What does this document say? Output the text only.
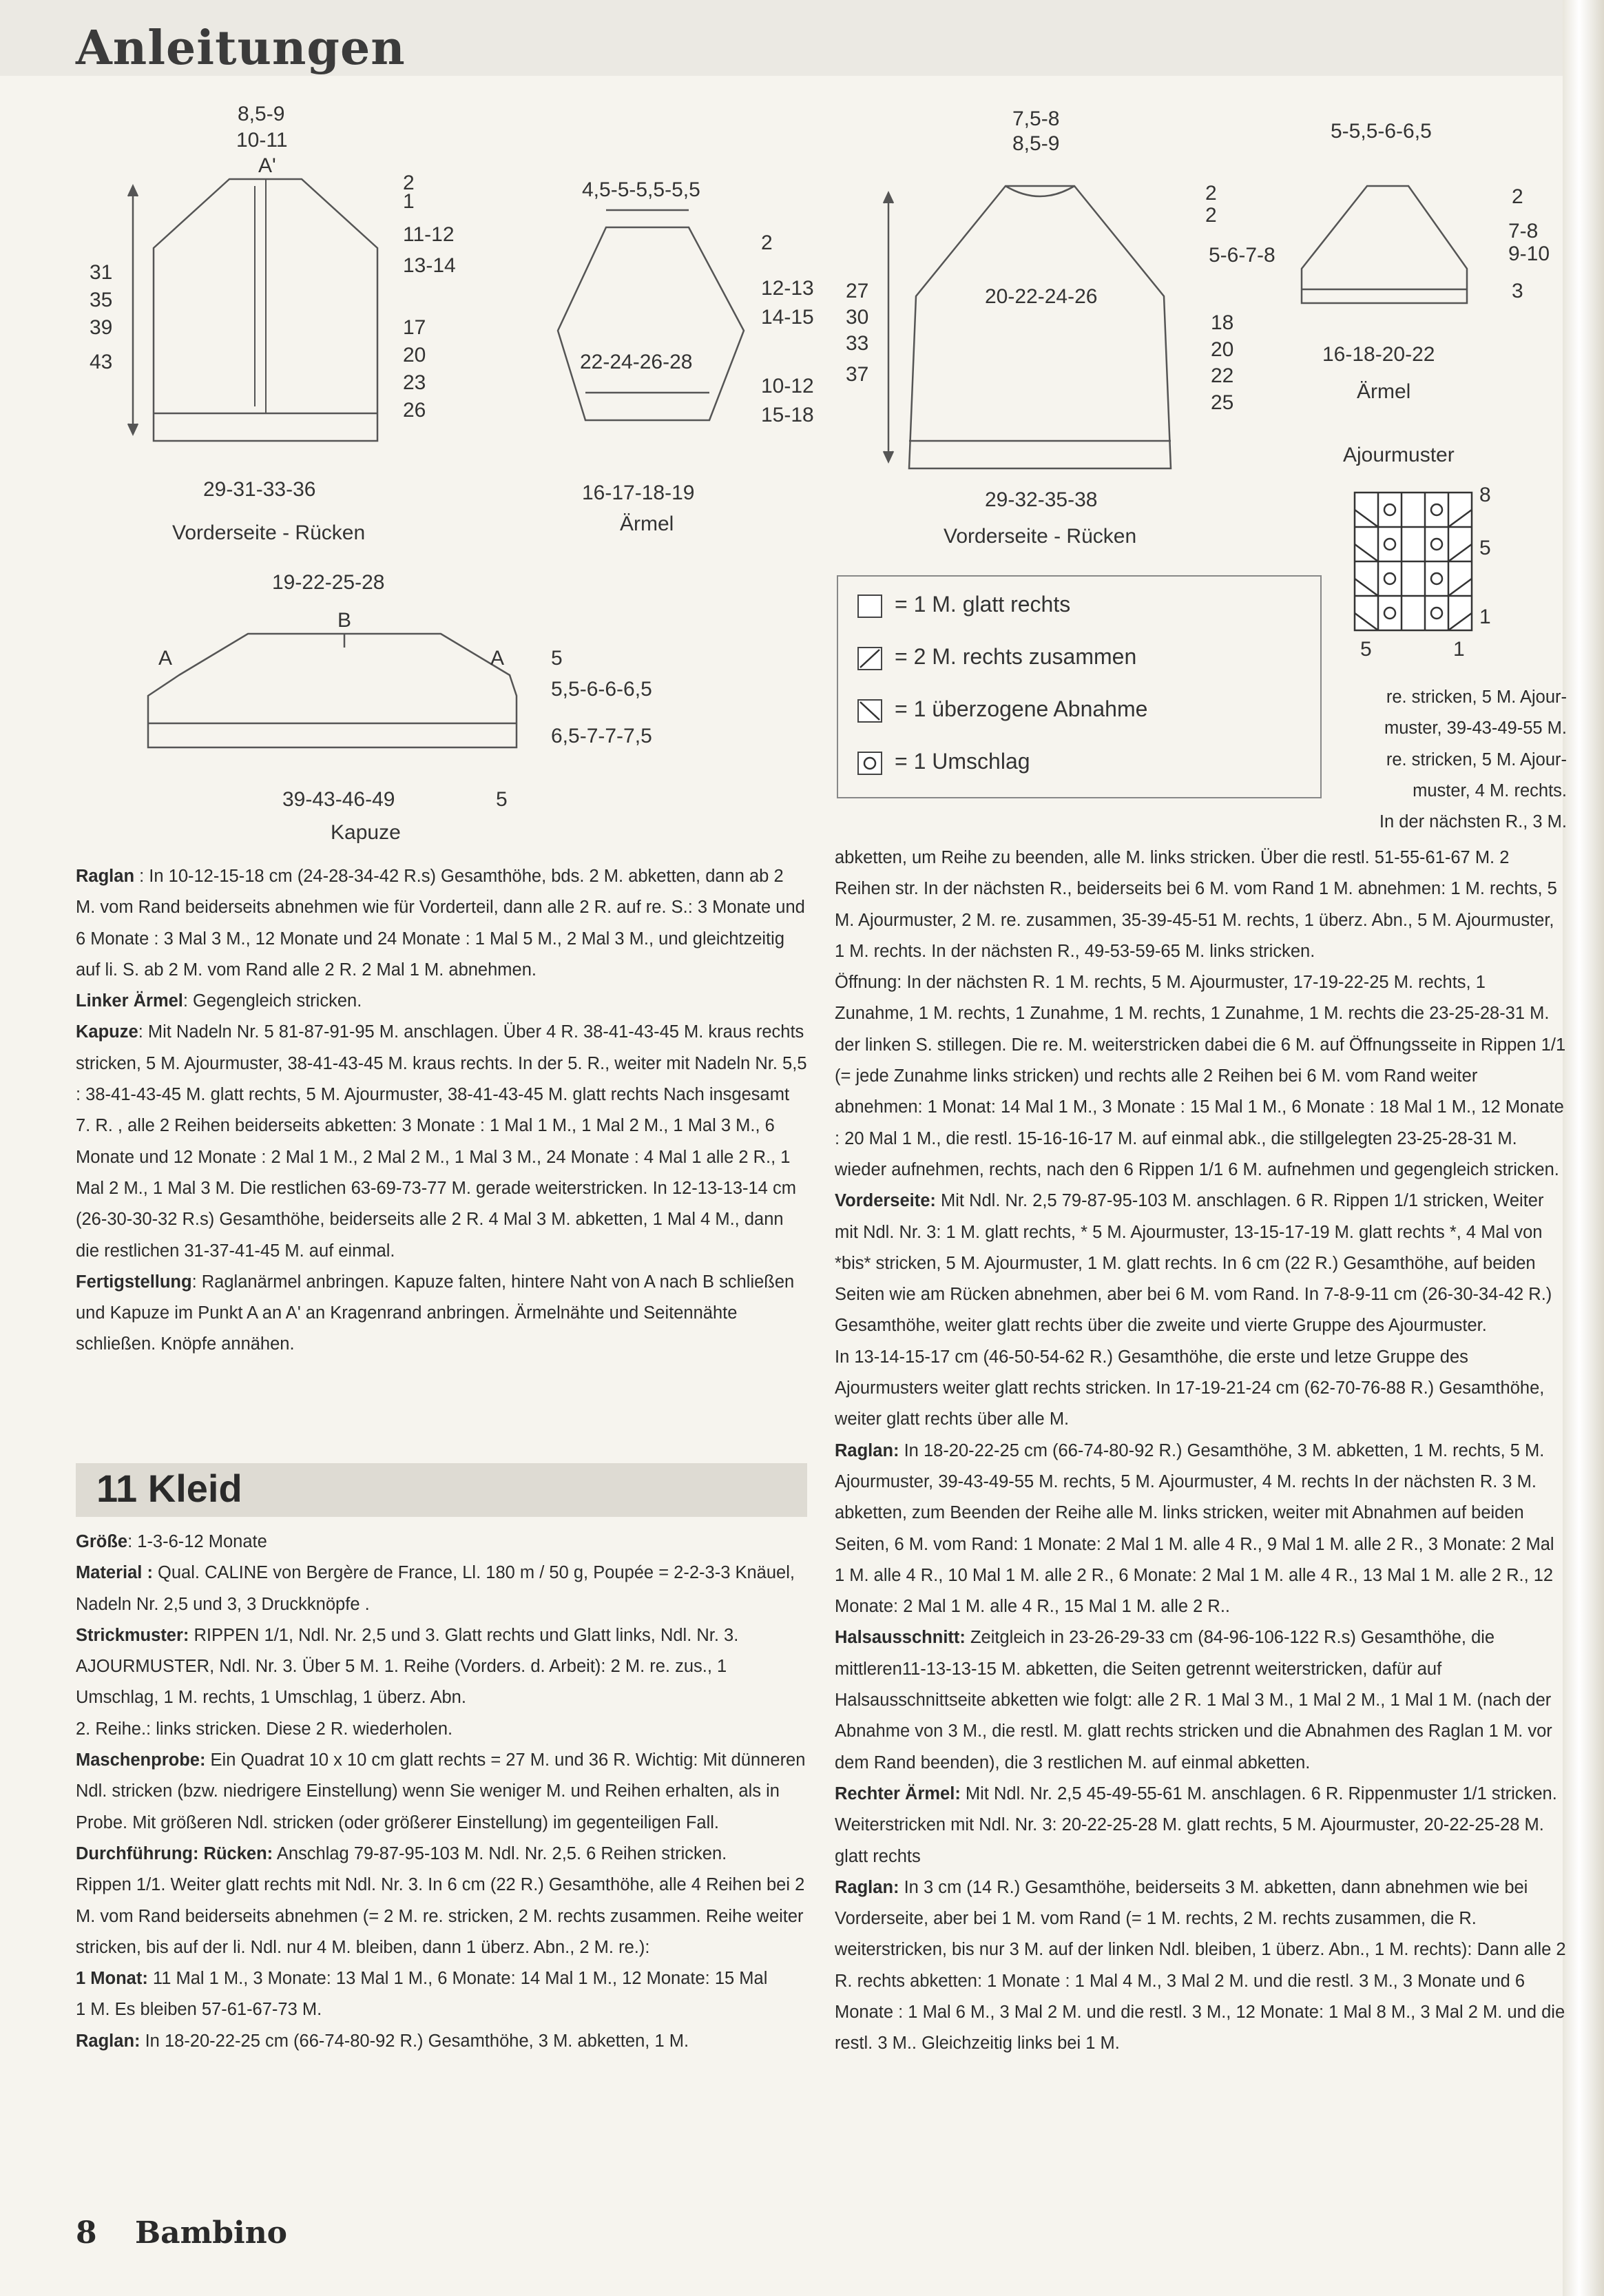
Anleitungen
8,5-9
10-11
A'
2
1
11-12
13-14
17
20
23
26
31
35
39
43
29-31-33-36
Vorderseite - Rücken
4,5-5-5,5-5,5
2
12-13
14-15
22-24-26-28
10-12
15-18
16-17-18-19
Ärmel
19-22-25-28
B
A	A 5
5,5-6-6-6,5
6,5-7-7-7,5
39-43-46-49	5
Kapuze
7,5-8
8,5-9
2
2
5-6-7-8
20-22-24-26
18
20
22
25
27
30
33
37
29-32-35-38
Vorderseite - Rücken
5-5,5-6-6,5
2
7-8
9-10
3
16-18-20-22
Ärmel
Ajourmuster
8
5
1
5	1
= 1 M. glatt rechts
= 2 M. rechts zusammen
= 1 überzogene Abnahme
= 1 Umschlag

re. stricken, 5 M. Ajour-

muster, 39-43-49-55 M.

re. stricken, 5 M. Ajour-

muster, 4 M. rechts.

In der nächsten R., 3 M.

Raglan : In 10-12-15-18 cm (24-28-34-42 R.s) Gesamthöhe, bds. 2 M. abketten, dann ab 2 M. vom Rand beiderseits abnehmen wie für Vorderteil, dann alle 2 R. auf re. S.: 3 Monate und 6 Monate : 3 Mal 3 M., 12 Monate und 24 Monate : 1 Mal 5 M., 2 Mal 3 M., und gleichtzeitig auf li. S. ab 2 M. vom Rand alle 2 R. 2 Mal 1 M. abnehmen.

Linker Ärmel: Gegengleich stricken.

Kapuze: Mit Nadeln Nr. 5 81-87-91-95 M. anschlagen. Über 4 R. 38-41-43-45 M. kraus rechts stricken, 5 M. Ajourmuster, 38-41-43-45 M. kraus rechts. In der 5. R., weiter mit Nadeln Nr. 5,5 : 38-41-43-45 M. glatt rechts, 5 M. Ajourmuster, 38-41-43-45 M. glatt rechts Nach insgesamt 7. R. , alle 2 Reihen beiderseits abketten: 3 Monate : 1 Mal 1 M., 1 Mal 2 M., 1 Mal 3 M., 6 Monate und 12 Monate : 2 Mal 1 M., 2 Mal 2 M., 1 Mal 3 M., 24 Monate : 4 Mal 1 alle 2 R., 1 Mal 2 M., 1 Mal 3 M. Die restlichen 63-69-73-77 M. gerade weiterstricken. In 12-13-13-14 cm (26-30-30-32 R.s) Gesamthöhe, beiderseits alle 2 R. 4 Mal 3 M. abketten, 1 Mal 4 M., dann die restlichen 31-37-41-45 M. auf einmal.

Fertigstellung: Raglanärmel anbringen. Kapuze falten, hintere Naht von A nach B schließen und Kapuze im Punkt A an A' an Kragenrand anbringen. Ärmelnähte und Seitennähte schließen. Knöpfe annähen.

11 Kleid

Größe: 1-3-6-12 Monate

Material : Qual. CALINE von Bergère de France, Ll. 180 m / 50 g, Poupée = 2-2-3-3 Knäuel, Nadeln Nr. 2,5 und 3, 3 Druckknöpfe .

Strickmuster: RIPPEN 1/1, Ndl. Nr. 2,5 und 3. Glatt rechts und Glatt links, Ndl. Nr. 3. AJOURMUSTER, Ndl. Nr. 3. Über 5 M. 1. Reihe (Vorders. d. Arbeit): 2 M. re. zus., 1 Umschlag, 1 M. rechts, 1 Umschlag, 1 überz. Abn.

2. Reihe.: links stricken. Diese 2 R. wiederholen.

Maschenprobe: Ein Quadrat 10 x 10 cm glatt rechts = 27 M. und 36 R. Wichtig: Mit dünneren Ndl. stricken (bzw. niedrigere Einstellung) wenn Sie weniger M. und Reihen erhalten, als in Probe. Mit größeren Ndl. stricken (oder größerer Einstellung) im gegenteiligen Fall.

Durchführung: Rücken: Anschlag 79-87-95-103 M. Ndl. Nr. 2,5. 6 Reihen stricken.

Rippen 1/1. Weiter glatt rechts mit Ndl. Nr. 3. In 6 cm (22 R.) Gesamthöhe, alle 4 Reihen bei 2 M. vom Rand beiderseits abnehmen (= 2 M. re. stricken, 2 M. rechts zusammen. Reihe weiter stricken, bis auf der li. Ndl. nur 4 M. bleiben, dann 1 überz. Abn., 2 M. re.):

1 Monat: 11 Mal 1 M., 3 Monate: 13 Mal 1 M., 6 Monate: 14 Mal 1 M., 12 Monate: 15 Mal

1 M. Es bleiben 57-61-67-73 M.

Raglan: In 18-20-22-25 cm (66-74-80-92 R.) Gesamthöhe, 3 M. abketten, 1 M.

abketten, um Reihe zu beenden, alle M. links stricken. Über die restl. 51-55-61-67 M. 2 Reihen str. In der nächsten R., beiderseits bei 6 M. vom Rand 1 M. abnehmen: 1 M. rechts, 5 M. Ajourmuster, 2 M. re. zusammen, 35-39-45-51 M. rechts, 1 überz. Abn., 5 M. Ajourmuster, 1 M. rechts. In der nächsten R., 49-53-59-65 M. links stricken.

Öffnung: In der nächsten R. 1 M. rechts, 5 M. Ajourmuster, 17-19-22-25 M. rechts, 1 Zunahme, 1 M. rechts, 1 Zunahme, 1 M. rechts, 1 Zunahme, 1 M. rechts die 23-25-28-31 M. der linken S. stillegen. Die re. M. weiterstricken dabei die 6 M. auf Öffnungsseite in Rippen 1/1 (= jede Zunahme links stricken) und rechts alle 2 Reihen bei 6 M. vom Rand weiter abnehmen: 1 Monat: 14 Mal 1 M., 3 Monate : 15 Mal 1 M., 6 Monate : 18 Mal 1 M., 12 Monate : 20 Mal 1 M., die restl. 15-16-16-17 M. auf einmal abk., die stillgelegten 23-25-28-31 M. wieder aufnehmen, rechts, nach den 6 Rippen 1/1 6 M. aufnehmen und gegengleich stricken.

Vorderseite: Mit Ndl. Nr. 2,5 79-87-95-103 M. anschlagen. 6 R. Rippen 1/1 stricken, Weiter mit Ndl. Nr. 3: 1 M. glatt rechts, * 5 M. Ajourmuster, 13-15-17-19 M. glatt rechts *, 4 Mal von *bis* stricken, 5 M. Ajourmuster, 1 M. glatt rechts. In 6 cm (22 R.) Gesamthöhe, auf beiden Seiten wie am Rücken abnehmen, aber bei 6 M. vom Rand. In 7-8-9-11 cm (26-30-34-42 R.) Gesamthöhe, weiter glatt rechts über die zweite und vierte Gruppe des Ajourmuster.

In 13-14-15-17 cm (46-50-54-62 R.) Gesamthöhe, die erste und letze Gruppe des Ajourmusters weiter glatt rechts stricken. In 17-19-21-24 cm (62-70-76-88 R.) Gesamthöhe, weiter glatt rechts über alle M.

Raglan: In 18-20-22-25 cm (66-74-80-92 R.) Gesamthöhe, 3 M. abketten, 1 M. rechts, 5 M. Ajourmuster, 39-43-49-55 M. rechts, 5 M. Ajourmuster, 4 M. rechts In der nächsten R. 3 M. abketten, zum Beenden der Reihe alle M. links stricken, weiter mit Abnahmen auf beiden Seiten, 6 M. vom Rand: 1 Monate: 2 Mal 1 M. alle 4 R., 9 Mal 1 M. alle 2 R., 3 Monate: 2 Mal 1 M. alle 4 R., 10 Mal 1 M. alle 2 R., 6 Monate: 2 Mal 1 M. alle 4 R., 13 Mal 1 M. alle 2 R., 12 Monate: 2 Mal 1 M. alle 4 R., 15 Mal 1 M. alle 2 R..

Halsausschnitt: Zeitgleich in 23-26-29-33 cm (84-96-106-122 R.s) Gesamthöhe, die mittleren11-13-13-15 M. abketten, die Seiten getrennt weiterstricken, dafür auf Halsausschnittseite abketten wie folgt: alle 2 R. 1 Mal 3 M., 1 Mal 2 M., 1 Mal 1 M. (nach der Abnahme von 3 M., die restl. M. glatt rechts stricken und die Abnahmen des Raglan 1 M. vor dem Rand beenden), die 3 restlichen M. auf einmal abketten.

Rechter Ärmel: Mit Ndl. Nr. 2,5 45-49-55-61 M. anschlagen. 6 R. Rippenmuster 1/1 stricken. Weiterstricken mit Ndl. Nr. 3: 20-22-25-28 M. glatt rechts, 5 M. Ajourmuster, 20-22-25-28 M. glatt rechts

Raglan: In 3 cm (14 R.) Gesamthöhe, beiderseits 3 M. abketten, dann abnehmen wie bei Vorderseite, aber bei 1 M. vom Rand (= 1 M. rechts, 2 M. rechts zusammen, die R. weiterstricken, bis nur 3 M. auf der linken Ndl. bleiben, 1 überz. Abn., 1 M. rechts): Dann alle 2 R. rechts abketten: 1 Monate : 1 Mal 4 M., 3 Mal 2 M. und die restl. 3 M., 3 Monate und 6 Monate : 1 Mal 6 M., 3 Mal 2 M. und die restl. 3 M., 12 Monate: 1 Mal 8 M., 3 Mal 2 M. und die restl. 3 M.. Gleichzeitig links bei 1 M.

8 Bambino
